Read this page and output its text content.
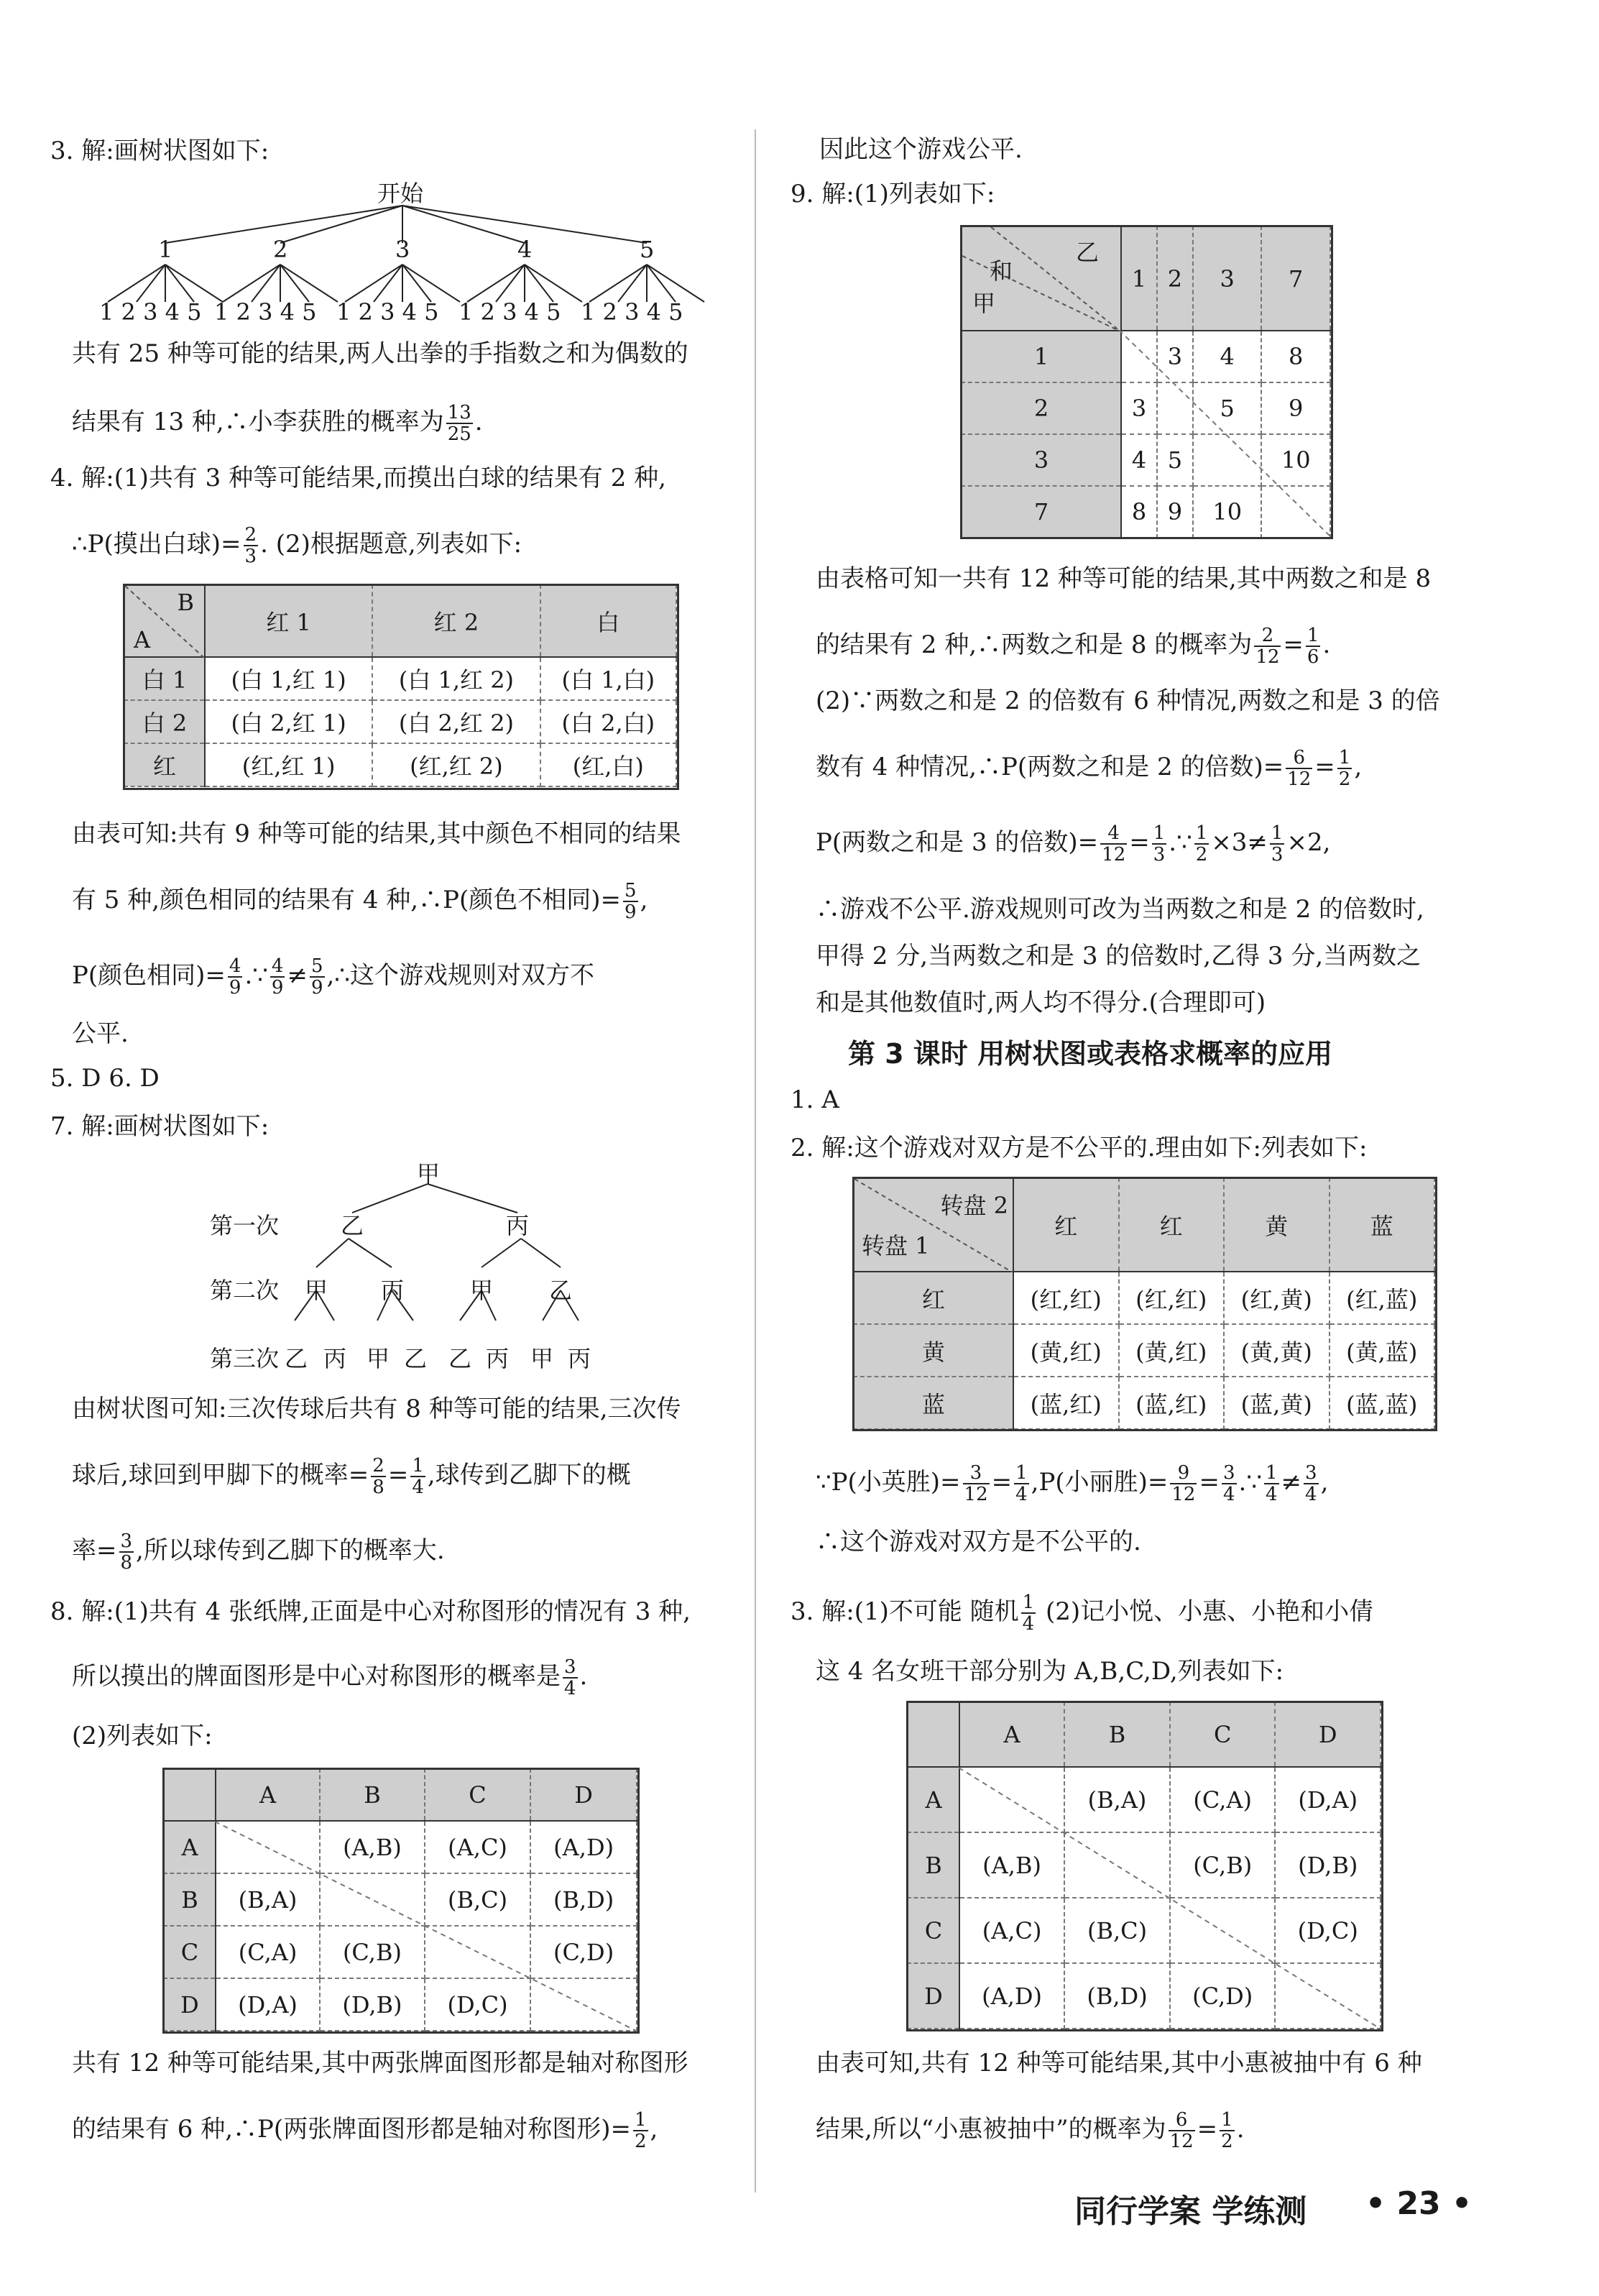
3. 解:画树状图如下:
开始
1	2	3	4	5
1 2 3 4 5 1 2 3 4 5 1 2 3 4 5 1 2 3 4 5 1 2 3 4 5
共有 25 种等可能的结果,两人出拳的手指数之和为偶数的
结果有 13 种,∴小李获胜的概率为 $\frac{13}{25}$ .
4. 解:(1)共有 3 种等可能结果,而摸出白球的结果有 2 种,
∴P(摸出白球)= $\frac{2}{3}$ . (2)根据题意,列表如下:
B
A	红 1	红 2	白
白 1	(白 1,红 1)	(白 1,红 2)	(白 1,白)
白 2	(白 2,红 1)	(白 2,红 2)	(白 2,白)
红	(红,红 1)	(红,红 2)	(红,白)
由表可知:共有 9 种等可能的结果,其中颜色不相同的结果
有 5 种,颜色相同的结果有 4 种,∴P(颜色不相同)= $\frac{5}{9}$ ,
P(颜色相同)= $\frac{4}{9}$ .∵ $\frac{4}{9} \ne \frac{5}{9}$ ,∴这个游戏规则对双方不
公平.
5. D 6. D
7. 解:画树状图如下:
甲
第一次
第二次
第三次
乙	丙
甲 丙	甲 乙
乙 丙 甲 乙 乙 丙 甲 丙
由树状图可知:三次传球后共有 8 种等可能的结果,三次传
球后,球回到甲脚下的概率= $\frac{2}{8} = \frac{1}{4}$ ,球传到乙脚下的概
率= $\frac{3}{8}$ ,所以球传到乙脚下的概率大.
8. 解:(1)共有 4 张纸牌,正面是中心对称图形的情况有 3 种,
所以摸出的牌面图形是中心对称图形的概率是 $\frac{3}{4}$ .
(2)列表如下:
	A	B	C	D
A		(A,B)	(A,C)	(A,D)
B	(B,A)		(B,C)	(B,D)
C	(C,A)	(C,B)		(C,D)
D	(D,A)	(D,B)	(D,C)	
共有 12 种等可能结果,其中两张牌面图形都是轴对称图形
的结果有 6 种,∴P(两张牌面图形都是轴对称图形)= $\frac{1}{2}$ ,
因此这个游戏公平.
9. 解:(1)列表如下:
乙
和
甲	1	2	3	7
1		3	4	8
2	3		5	9
3	4	5		10
7	8	9	10	
由表格可知一共有 12 种等可能的结果,其中两数之和是 8
的结果有 2 种,∴两数之和是 8 的概率为 $\frac{2}{12} = \frac{1}{6}$ .
(2)∵两数之和是 2 的倍数有 6 种情况,两数之和是 3 的倍
数有 4 种情况,∴P(两数之和是 2 的倍数)= $\frac{6}{12} = \frac{1}{2}$ ,
P(两数之和是 3 的倍数)= $\frac{4}{12} = \frac{1}{3}$ .∵ $\frac{1}{2} \times 3\ne \frac{1}{3} \times 2$,
∴游戏不公平.游戏规则可改为当两数之和是 2 的倍数时,
甲得 2 分,当两数之和是 3 的倍数时,乙得 3 分,当两数之
和是其他数值时,两人均不得分.(合理即可)
第 3 课时 用树状图或表格求概率的应用
1. A
2. 解:这个游戏对双方是不公平的.理由如下:列表如下:
转盘 2
转盘 1	红	红	黄	蓝
红	(红,红)	(红,红)	(红,黄)	(红,蓝)
黄	(黄,红)	(黄,红)	(黄,黄)	(黄,蓝)
蓝	(蓝,红)	(蓝,红)	(蓝,黄)	(蓝,蓝)
∵P(小英胜)= $\frac{3}{12} = \frac{1}{4} ,P$(小丽胜)= $\frac{9}{12} = \frac{3}{4}$ .∵ $\frac{1}{4} \ne \frac{3}{4}$ ,
∴这个游戏对双方是不公平的.
3. 解:(1)不可能 随机 $\frac{1}{4} (2)$记小悦、小惠、小艳和小倩
这 4 名女班干部分别为 A,B,C,D,列表如下:
	A	B	C	D
A		(B,A)	(C,A)	(D,A)
B	(A,B)		(C,B)	(D,B)
C	(A,C)	(B,C)		(D,C)
D	(A,D)	(B,D)	(C,D)	
由表可知,共有 12 种等可能结果,其中小惠被抽中有 6 种
结果,所以“小惠被抽中”的概率为 $\frac{6}{12} = \frac{1}{2}$ .
同行学案 学练测 • 23 •
